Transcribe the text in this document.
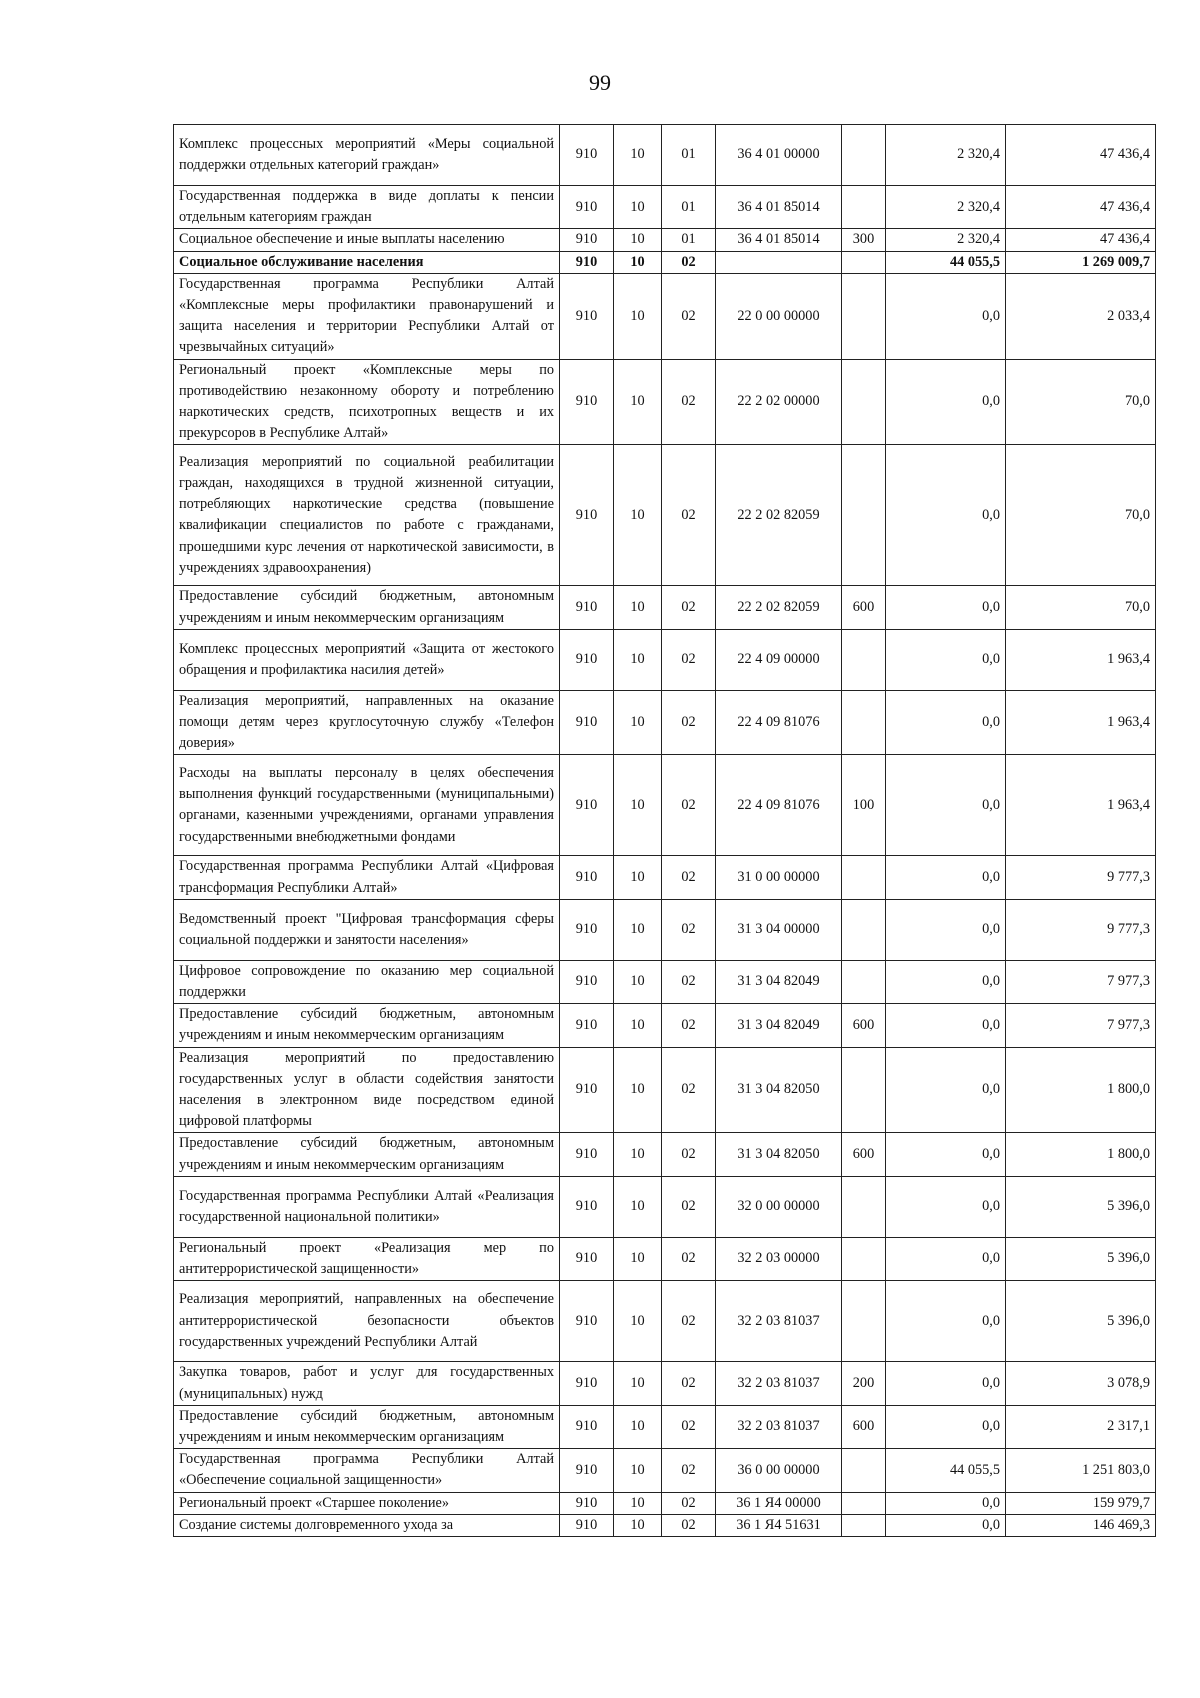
99
Комплекс процессных мероприятий «Меры социальной поддержки отдельных категорий граждан»	910	10	01	36 4 01 00000		2 320,4	47 436,4
Государственная поддержка в виде доплаты к пенсии отдельным категориям граждан	910	10	01	36 4 01 85014		2 320,4	47 436,4
Социальное обеспечение и иные выплаты населению	910	10	01	36 4 01 85014	300	2 320,4	47 436,4
Социальное обслуживание населения	910	10	02			44 055,5	1 269 009,7
Государственная программа Республики Алтай «Комплексные меры профилактики правонарушений и защита населения и территории Республики Алтай от чрезвычайных ситуаций»	910	10	02	22 0 00 00000		0,0	2 033,4
Региональный проект «Комплексные меры по противодействию незаконному обороту и потреблению наркотических средств, психотропных веществ и их прекурсоров в Республике Алтай»	910	10	02	22 2 02 00000		0,0	70,0
Реализация мероприятий по социальной реабилитации граждан, находящихся в трудной жизненной ситуации, потребляющих наркотические средства (повышение квалификации специалистов по работе с гражданами, прошедшими курс лечения от наркотической зависимости, в учреждениях здравоохранения)	910	10	02	22 2 02 82059		0,0	70,0
Предоставление субсидий бюджетным, автономным учреждениям и иным некоммерческим организациям	910	10	02	22 2 02 82059	600	0,0	70,0
Комплекс процессных мероприятий «Защита от жестокого обращения и профилактика насилия детей»	910	10	02	22 4 09 00000		0,0	1 963,4
Реализация мероприятий, направленных на оказание помощи детям через круглосуточную службу «Телефон доверия»	910	10	02	22 4 09 81076		0,0	1 963,4
Расходы на выплаты персоналу в целях обеспечения выполнения функций государственными (муниципальными) органами, казенными учреждениями, органами управления государственными внебюджетными фондами	910	10	02	22 4 09 81076	100	0,0	1 963,4
Государственная программа Республики Алтай «Цифровая трансформация Республики Алтай»	910	10	02	31 0 00 00000		0,0	9 777,3
Ведомственный проект "Цифровая трансформация сферы социальной поддержки и занятости населения»	910	10	02	31 3 04 00000		0,0	9 777,3
Цифровое сопровождение по оказанию мер социальной поддержки	910	10	02	31 3 04 82049		0,0	7 977,3
Предоставление субсидий бюджетным, автономным учреждениям и иным некоммерческим организациям	910	10	02	31 3 04 82049	600	0,0	7 977,3
Реализация мероприятий по предоставлению государственных услуг в области содействия занятости населения в электронном виде посредством единой цифровой платформы	910	10	02	31 3 04 82050		0,0	1 800,0
Предоставление субсидий бюджетным, автономным учреждениям и иным некоммерческим организациям	910	10	02	31 3 04 82050	600	0,0	1 800,0
Государственная программа Республики Алтай «Реализация государственной национальной политики»	910	10	02	32 0 00 00000		0,0	5 396,0
Региональный проект «Реализация мер по антитеррористической защищенности»	910	10	02	32 2 03 00000		0,0	5 396,0
Реализация мероприятий, направленных на обеспечение антитеррористической безопасности объектов государственных учреждений Республики Алтай	910	10	02	32 2 03 81037		0,0	5 396,0
Закупка товаров, работ и услуг для государственных (муниципальных) нужд	910	10	02	32 2 03 81037	200	0,0	3 078,9
Предоставление субсидий бюджетным, автономным учреждениям и иным некоммерческим организациям	910	10	02	32 2 03 81037	600	0,0	2 317,1
Государственная программа Республики Алтай «Обеспечение социальной защищенности»	910	10	02	36 0 00 00000		44 055,5	1 251 803,0
Региональный проект «Старшее поколение»	910	10	02	36 1 Я4 00000		0,0	159 979,7
Создание системы долговременного ухода за	910	10	02	36 1 Я4 51631		0,0	146 469,3
